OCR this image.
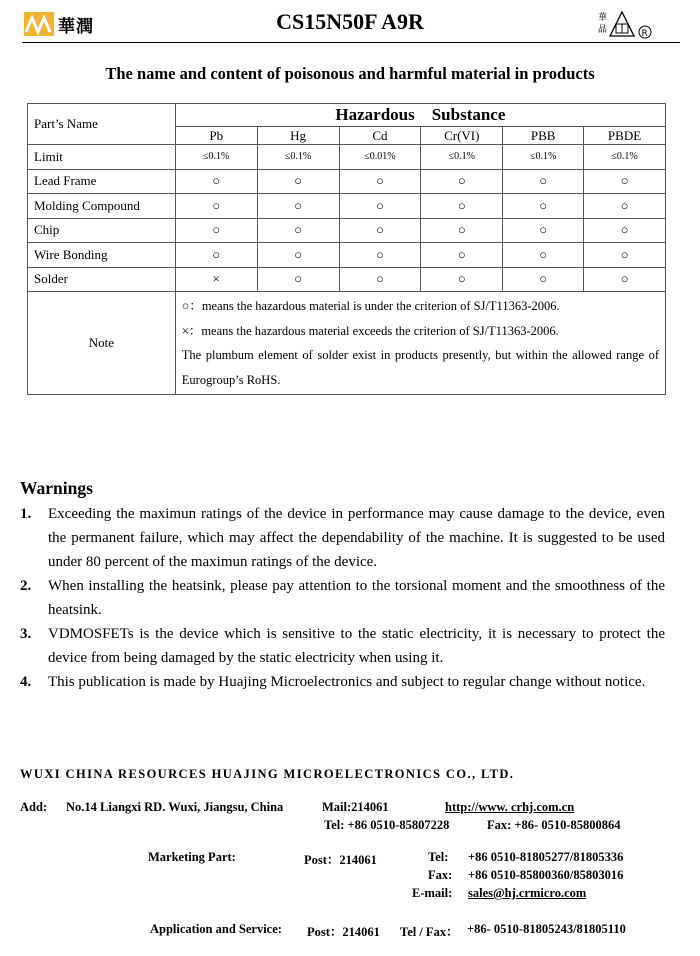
華潤	CS15N50F A9R	華
晶	R
The name and content of poisonous and harmful material in products
Part’s Name	Hazardous    Substance					
	Pb	Hg	Cd	Cr(VI)	PBB	PBDE
Limit	≤0.1%	≤0.1%	≤0.01%	≤0.1%	≤0.1%	≤0.1%
Lead Frame	○	○	○	○	○	○
Molding Compound	○	○	○	○	○	○
Chip	○	○	○	○	○	○
Wire Bonding	○	○	○	○	○	○
Solder	×	○	○	○	○	○
Note	○：means the hazardous material is under the criterion of SJ/T11363-2006.
×：means the hazardous material exceeds the criterion of SJ/T11363-2006.
The plumbum element of solder exist in products presently, but within the allowed range of Eurogroup’s RoHS.					
Warnings
1.	Exceeding the maximun ratings of the device in performance may cause damage to the device, even the permanent failure, which may affect the dependability of the machine. It is suggested to be used under 80 percent of the maximun ratings of the device.
2.	When installing the heatsink, please pay attention to the torsional moment and the smoothness of the heatsink.
3.	VDMOSFETs is the device which is sensitive to the static electricity, it is necessary to protect the device from being damaged by the static electricity when using it.
4.	This publication is made by Huajing Microelectronics and subject to regular change without notice.
WUXI CHINA RESOURCES HUAJING MICROELECTRONICS CO., LTD.
Add: No.14 Liangxi RD. Wuxi, Jiangsu, China	Mail:214061	http://www. crhj.com.cn
Tel: +86 0510-85807228	Fax: +86- 0510-85800864
Marketing Part:	Post：214061	Tel: +86 0510-81805277/81805336
Fax: +86 0510-85800360/85803016
E-mail: sales@hj.crmicro.com
Application and Service: Post：214061 Tel / Fax： +86- 0510-81805243/81805110
